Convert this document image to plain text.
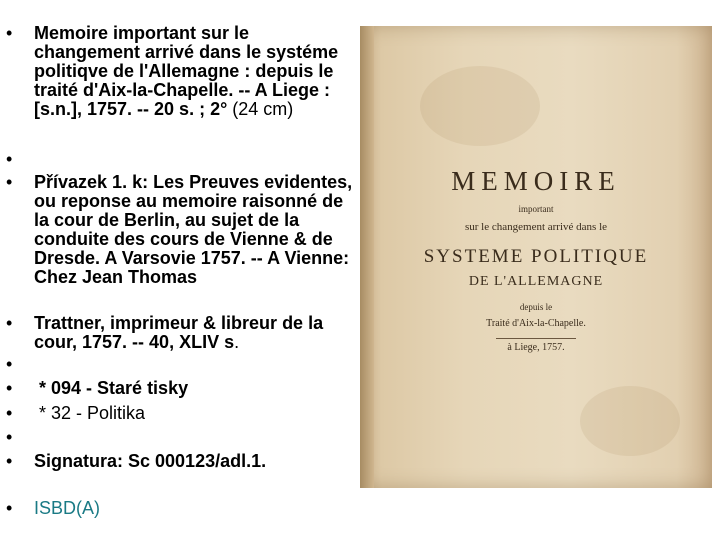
•	Memoire important sur le changement arrivé dans le systéme politiqve de l'Allemagne : depuis le traité d'Aix-la-Chapelle. -- A Liege : [s.n.], 1757. -- 20 s. ; 2° (24 cm)
•
•	Přívazek 1. k: Les Preuves evidentes, ou reponse au memoire raisonné de la cour de Berlin, au sujet de la conduite des cours de Vienne & de Dresde. A Varsovie 1757. -- A Vienne: Chez Jean Thomas
•	Trattner, imprimeur & libreur de la cour, 1757. -- 40, XLIV s.
•
•	* 094 - Staré tisky
•	* 32 - Politika
•
•	Signatura: Sc 000123/adl.1.
•	ISBD(A)
MEMOIRE
important
sur le changement arrivé dans le
SYSTEME POLITIQUE
DE L'ALLEMAGNE
depuis le
Traité d'Aix-la-Chapelle.
à Liege, 1757.
